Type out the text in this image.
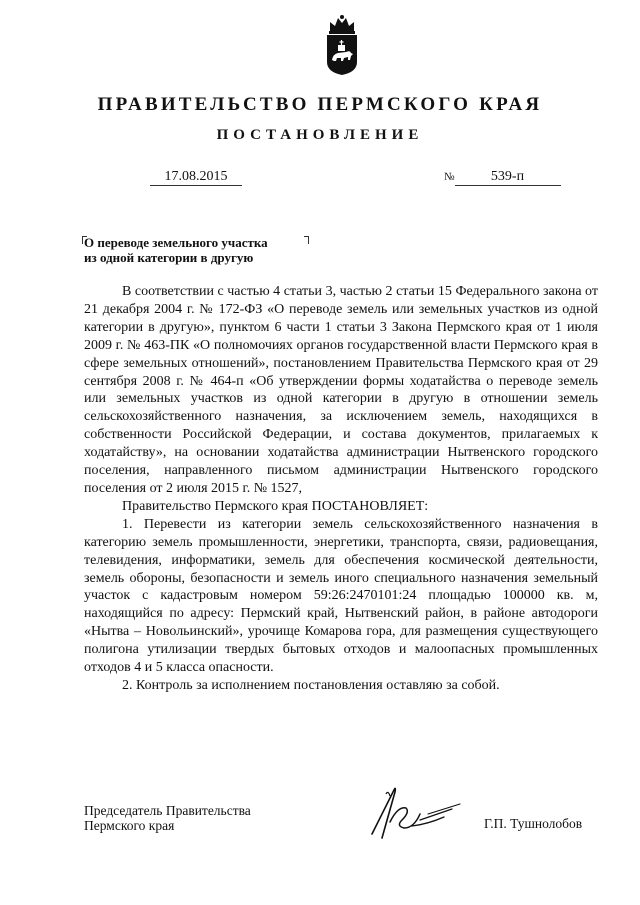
ПРАВИТЕЛЬСТВО ПЕРМСКОГО КРАЯ
ПОСТАНОВЛЕНИЕ
17.08.2015	№	539-п
О переводе земельного участка
из одной категории в другую

В соответствии с частью 4 статьи 3, частью 2 статьи 15 Федерального закона от 21 декабря 2004 г. № 172-ФЗ «О переводе земель или земельных участков из одной категории в другую», пунктом 6 части 1 статьи 3 Закона Пермского края от 1 июля 2009 г. № 463-ПК «О полномочиях органов государственной власти Пермского края в сфере земельных отношений», постановлением Правительства Пермского края от 29 сентября 2008 г. № 464-п «Об утверждении формы ходатайства о переводе земель или земельных участков из одной категории в другую в отношении земель сельскохозяйственного назначения, за исключением земель, находящихся в собственности Российской Федерации, и состава документов, прилагаемых к ходатайству», на основании ходатайства администрации Нытвенского городского поселения, направленного письмом администрации Нытвенского городского поселения от 2 июля 2015 г. № 1527,

Правительство Пермского края ПОСТАНОВЛЯЕТ:

1. Перевести из категории земель сельскохозяйственного назначения в категорию земель промышленности, энергетики, транспорта, связи, радиовещания, телевидения, информатики, земель для обеспечения космической деятельности, земель обороны, безопасности и земель иного специального назначения земельный участок с кадастровым номером 59:26:2470101:24 площадью 100000 кв. м, находящийся по адресу: Пермский край, Нытвенский район, в районе автодороги «Нытва – Новольинский», урочище Комарова гора, для размещения существующего полигона утилизации твердых бытовых отходов и малоопасных промышленных отходов 4 и 5 класса опасности.

2. Контроль за исполнением постановления оставляю за собой.

Председатель Правительства
Пермского края	Г.П. Тушнолобов
